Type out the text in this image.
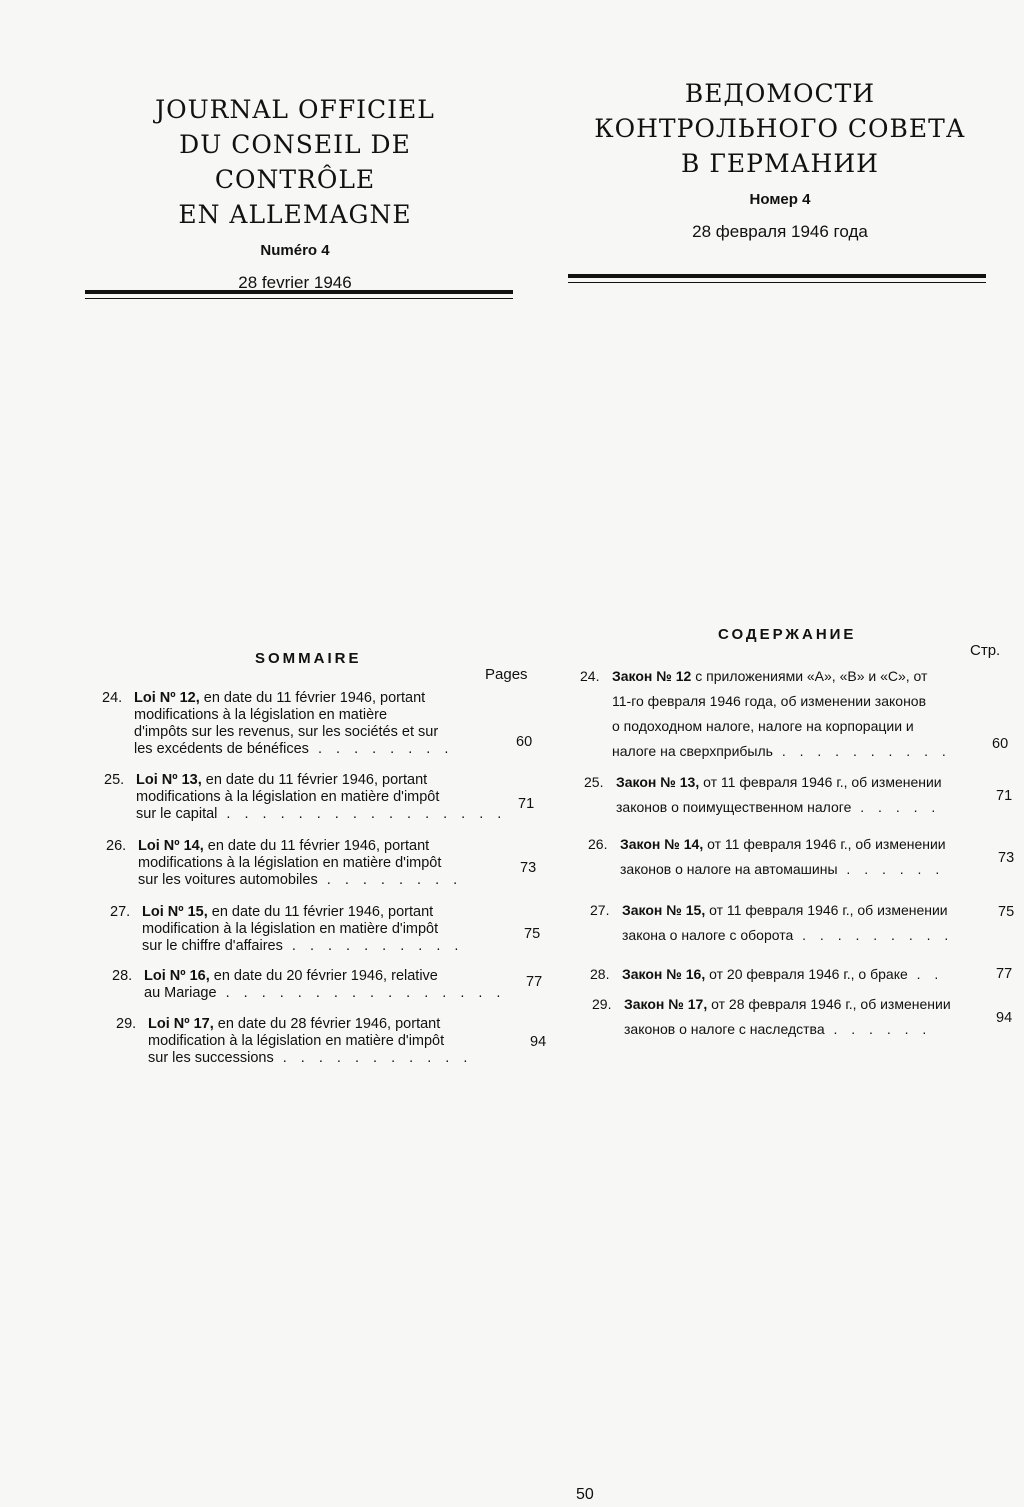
JOURNAL OFFICIEL
DU CONSEIL DE CONTRÔLE
EN ALLEMAGNE
Numéro 4
28 fevrier 1946
ВЕДОМОСТИ
КОНТРОЛЬНОГО СОВЕТА
В ГЕРМАНИИ
Номер 4
28 февраля 1946 года
SOMMAIRE
Pages
24. Loi Nº 12, en date du 11 février 1946, portant
modifications à la législation en matière
d'impôts sur les revenus, sur les sociétés et sur
les excédents de bénéfices . . . . . . . .	60
25. Loi Nº 13, en date du 11 février 1946, portant
modifications à la législation en matière d'impôt
sur le capital . . . . . . . . . . . . . . . .
71
26. Loi Nº 14, en date du 11 février 1946, portant
modifications à la législation en matière d'impôt
sur les voitures automobiles . . . . . . . .
73
27. Loi Nº 15, en date du 11 février 1946, portant
modification à la législation en matière d'impôt
sur le chiffre d'affaires . . . . . . . . . .
75
28. Loi Nº 16, en date du 20 février 1946, relative
au Mariage . . . . . . . . . . . . . . . .
77
29. Loi Nº 17, en date du 28 février 1946, portant
modification à la législation en matière d'impôt
sur les successions . . . . . . . . . . .
94
СОДЕРЖАНИЕ
Стр.
24. Закон № 12 с приложениями «А», «В» и «С», от
11-го февраля 1946 года, об изменении законов
о подоходном налоге, налоге на корпорации и
налоге на сверхприбыль . . . . . . . . . .	60
25. Закон № 13, от 11 февраля 1946 г., об изменении
законов о поимущественном налоге . . . . .
71
26. Закон № 14, от 11 февраля 1946 г., об изменении
законов о налоге на автомашины . . . . . .
73
27. Закон № 15, от 11 февраля 1946 г., об изменении
закона о налоге с оборота . . . . . . . . .
75
28. Закон № 16, от 20 февраля 1946 г., о браке . .	77
29. Закон № 17, от 28 февраля 1946 г., об изменении
законов о налоге с наследства . . . . . .
94
50
